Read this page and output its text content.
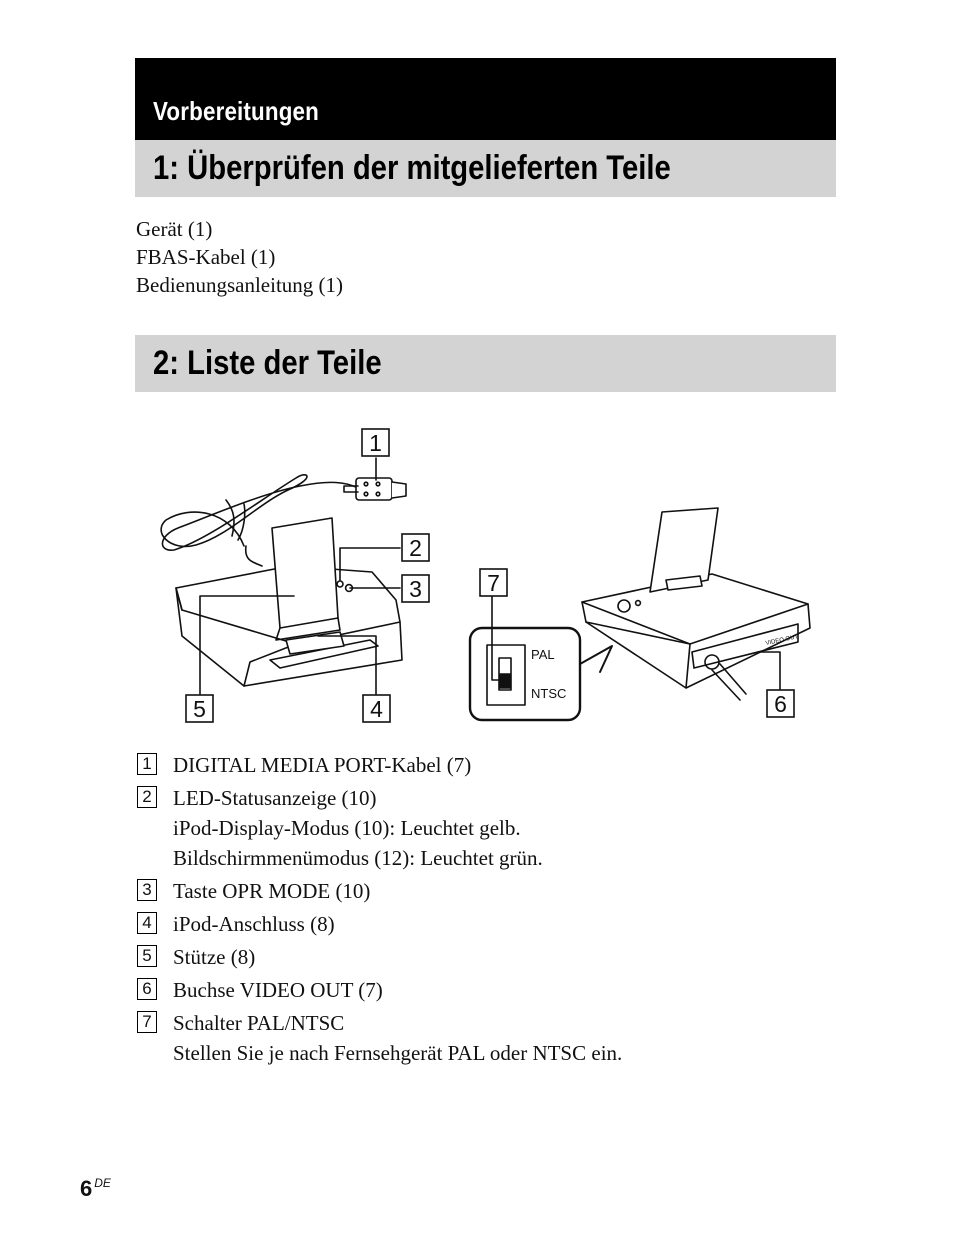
Vorbereitungen
1: Überprüfen der mitgelieferten Teile
Gerät (1)
FBAS-Kabel (1)
Bedienungsanleitung (1)
2: Liste der Teile
1
2
3
4
5	6
7
PAL
NTSC
VIDEO OUT
1 DIGITAL MEDIA PORT-Kabel (7)
2 LED-Statusanzeige (10)
iPod-Display-Modus (10): Leuchtet gelb.
Bildschirmmenümodus (12): Leuchtet grün.
3 Taste OPR MODE (10)
4 iPod-Anschluss (8)
5 Stütze (8)
6 Buchse VIDEO OUT (7)
7 Schalter PAL/NTSC
Stellen Sie je nach Fernsehgerät PAL oder NTSC ein.
6 $^{DE}$
